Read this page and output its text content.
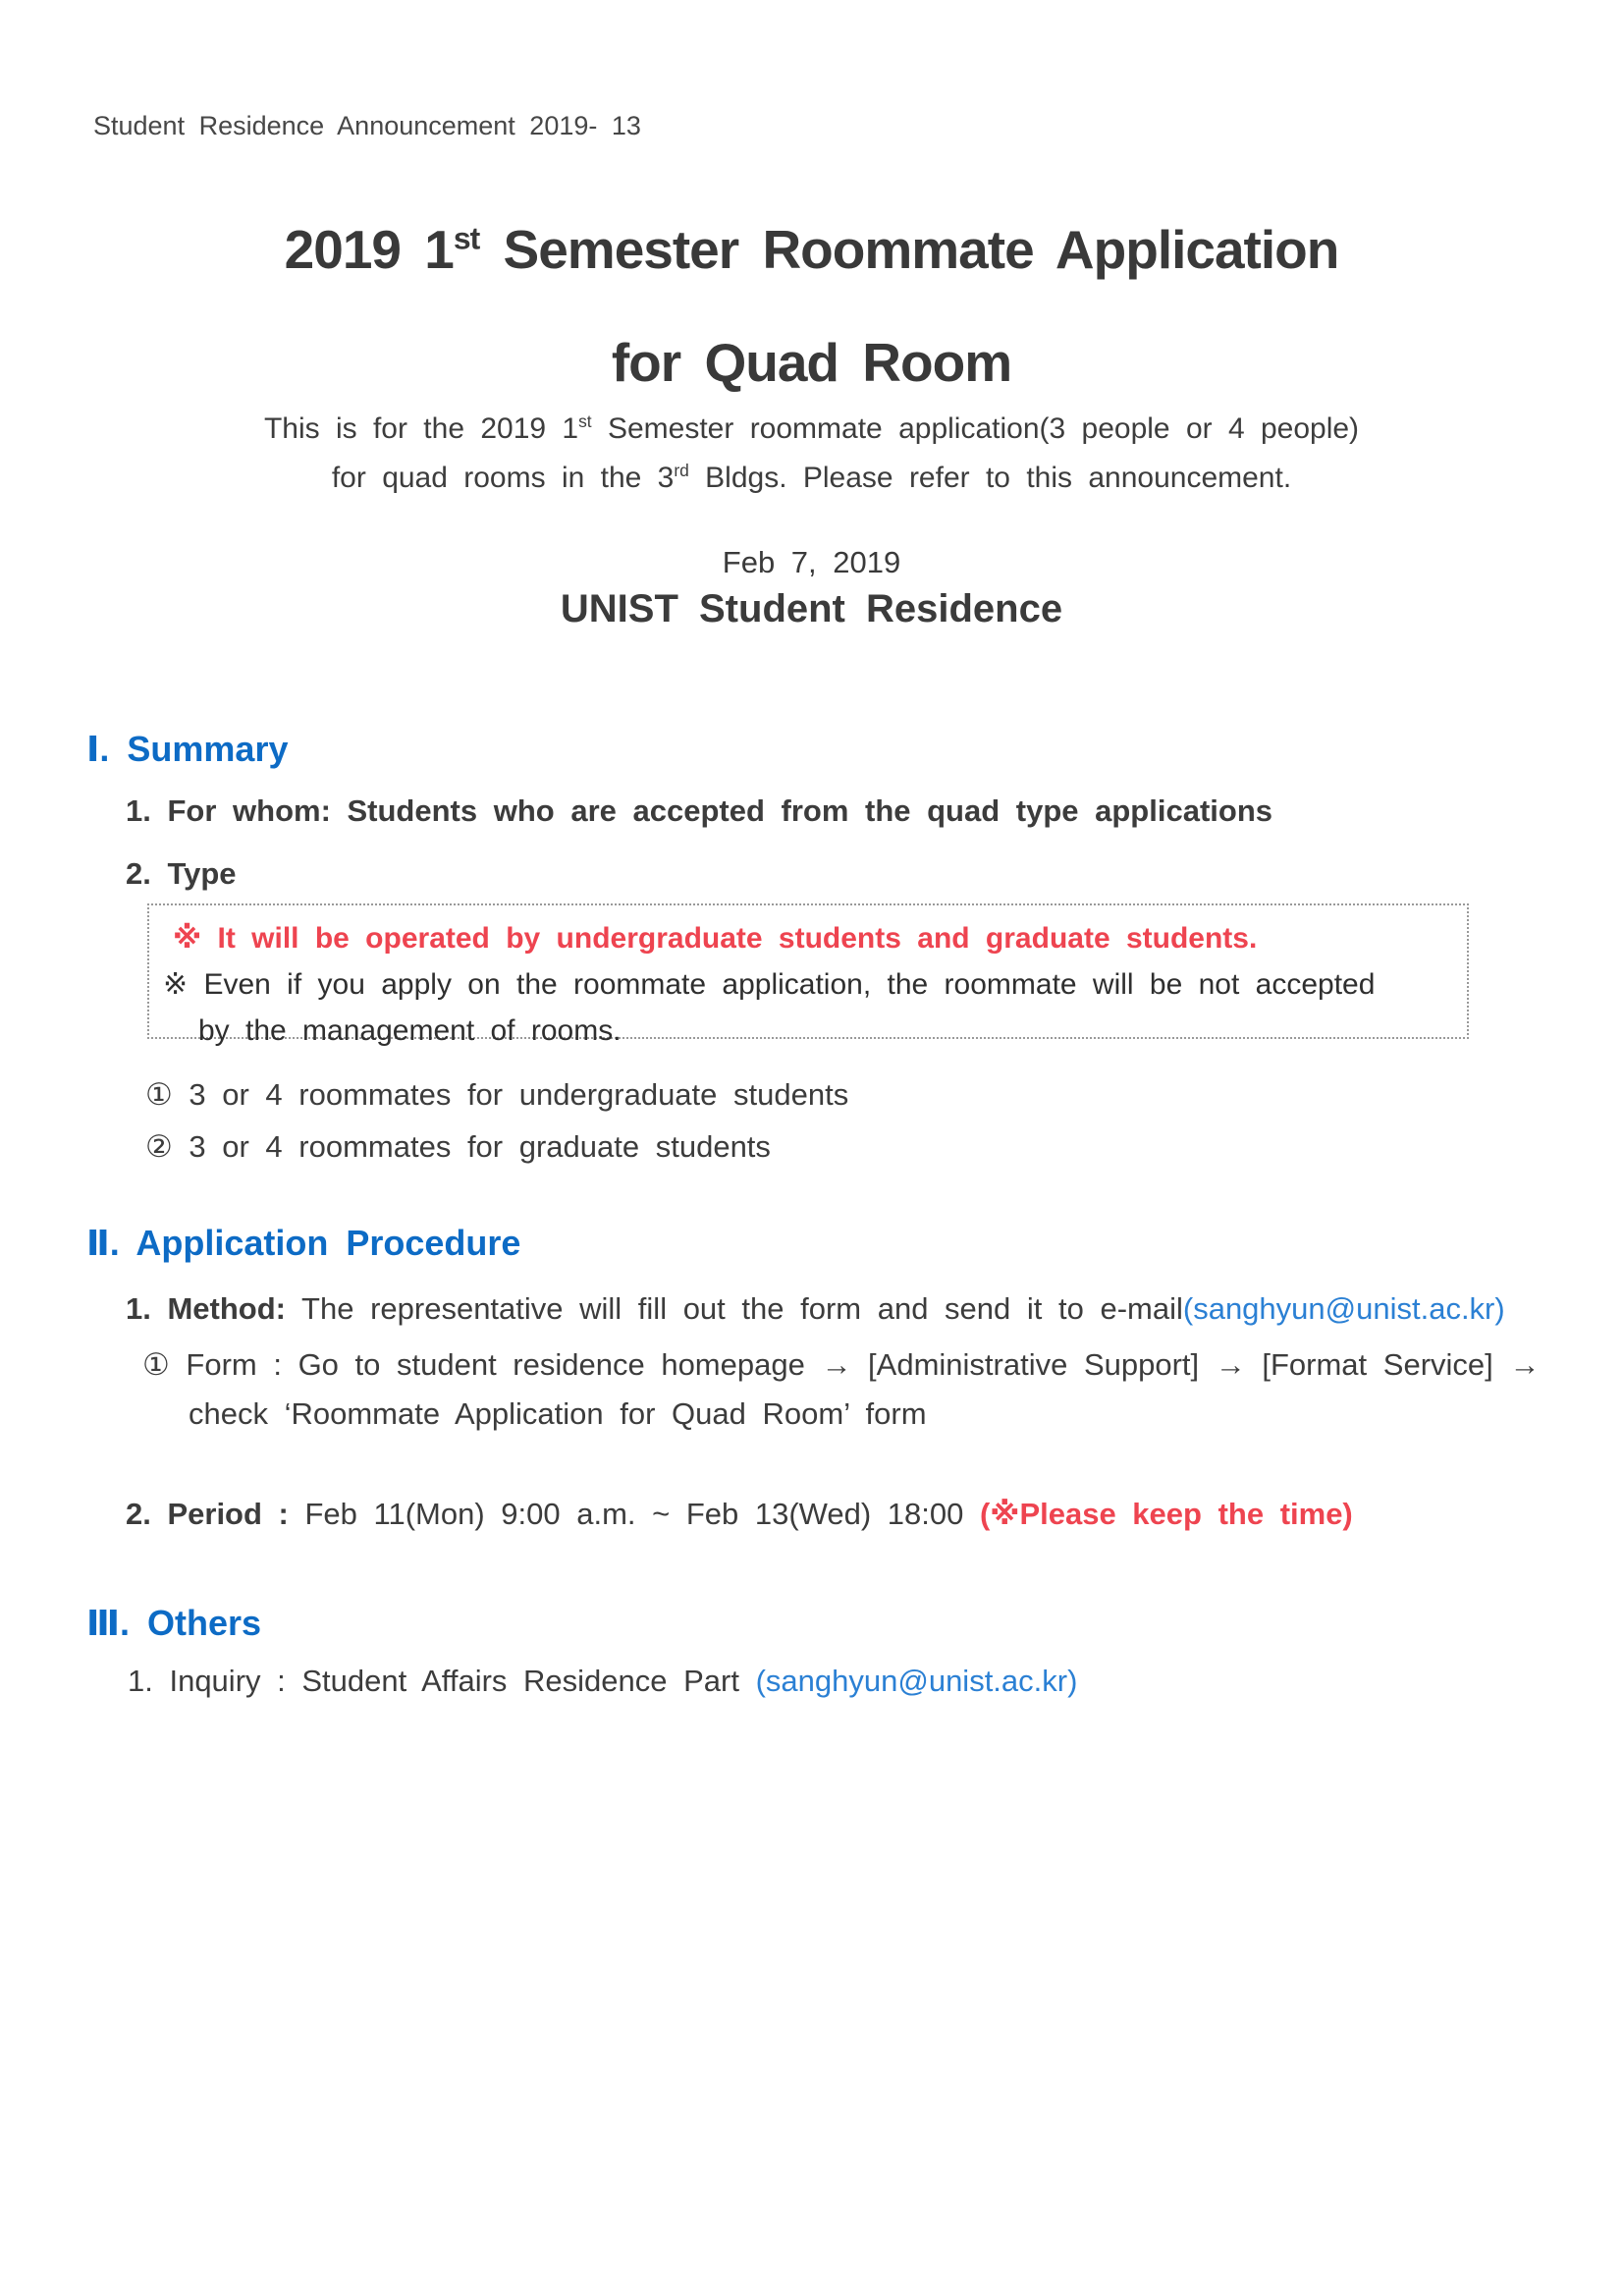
Student Residence Announcement 2019- 13
2019 1st Semester Roommate Application
for Quad Room
This is for the 2019 1st Semester roommate application(3 people or 4 people)
for quad rooms in the 3rd Bldgs. Please refer to this announcement.
Feb 7, 2019
UNIST Student Residence
Ⅰ. Summary
1. For whom: Students who are accepted from the quad type applications
2. Type
※ It will be operated by undergraduate students and graduate students.
※ Even if you apply on the roommate application, the roommate will be not accepted
by the management of rooms.
① 3 or 4 roommates for undergraduate students
② 3 or 4 roommates for graduate students
Ⅱ. Application Procedure
1. Method: The representative will fill out the form and send it to e-mail(sanghyun@unist.ac.kr)
① Form : Go to student residence homepage → [Administrative Support] → [Format Service] →
check ‘Roommate Application for Quad Room’ form
2. Period : Feb 11(Mon) 9:00 a.m. ~ Feb 13(Wed) 18:00 (※Please keep the time)
Ⅲ. Others
1. Inquiry : Student Affairs Residence Part (sanghyun@unist.ac.kr)
